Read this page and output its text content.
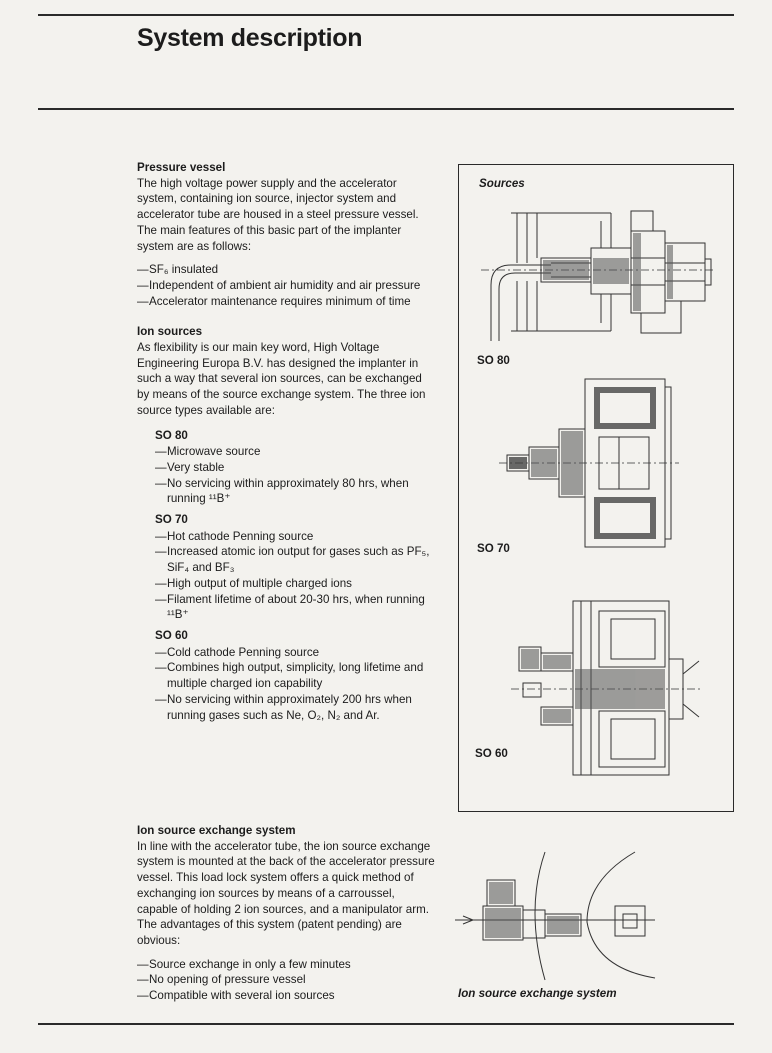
System description
Pressure vessel

The high voltage power supply and the accelerator system, containing ion source, injector system and accelerator tube are housed in a steel pressure vessel. The main features of this basic part of the implanter system are as follows:

— SF₆ insulated
— Independent of ambient air humidity and air pressure
— Accelerator maintenance requires minimum of time
Ion sources

As flexibility is our main key word, High Voltage Engineering Europa B.V. has designed the implanter in such a way that several ion sources, can be exchanged by means of the source exchange system. The three ion source types available are:

SO 80
— Microwave source
— Very stable
— No servicing within approximately 80 hrs, when running ¹¹B⁺
SO 70
— Hot cathode Penning source
— Increased atomic ion output for gases such as PF₅, SiF₄ and BF₃
— High output of multiple charged ions
— Filament lifetime of about 20-30 hrs, when running ¹¹B⁺
SO 60
— Cold cathode Penning source
— Combines high output, simplicity, long lifetime and multiple charged ion capability
— No servicing within approximately 200 hrs when running gases such as Ne, O₂, N₂ and Ar.
Ion source exchange system

In line with the accelerator tube, the ion source exchange system is mounted at the back of the accelerator pressure vessel. This load lock system offers a quick method of exchanging ion sources by means of a carroussel, capable of holding 2 ion sources, and a manipulator arm. The advantages of this system (patent pending) are obvious:

— Source exchange in only a few minutes
— No opening of pressure vessel
— Compatible with several ion sources
Sources
SO 80
SO 70
SO 60
Ion source exchange system
